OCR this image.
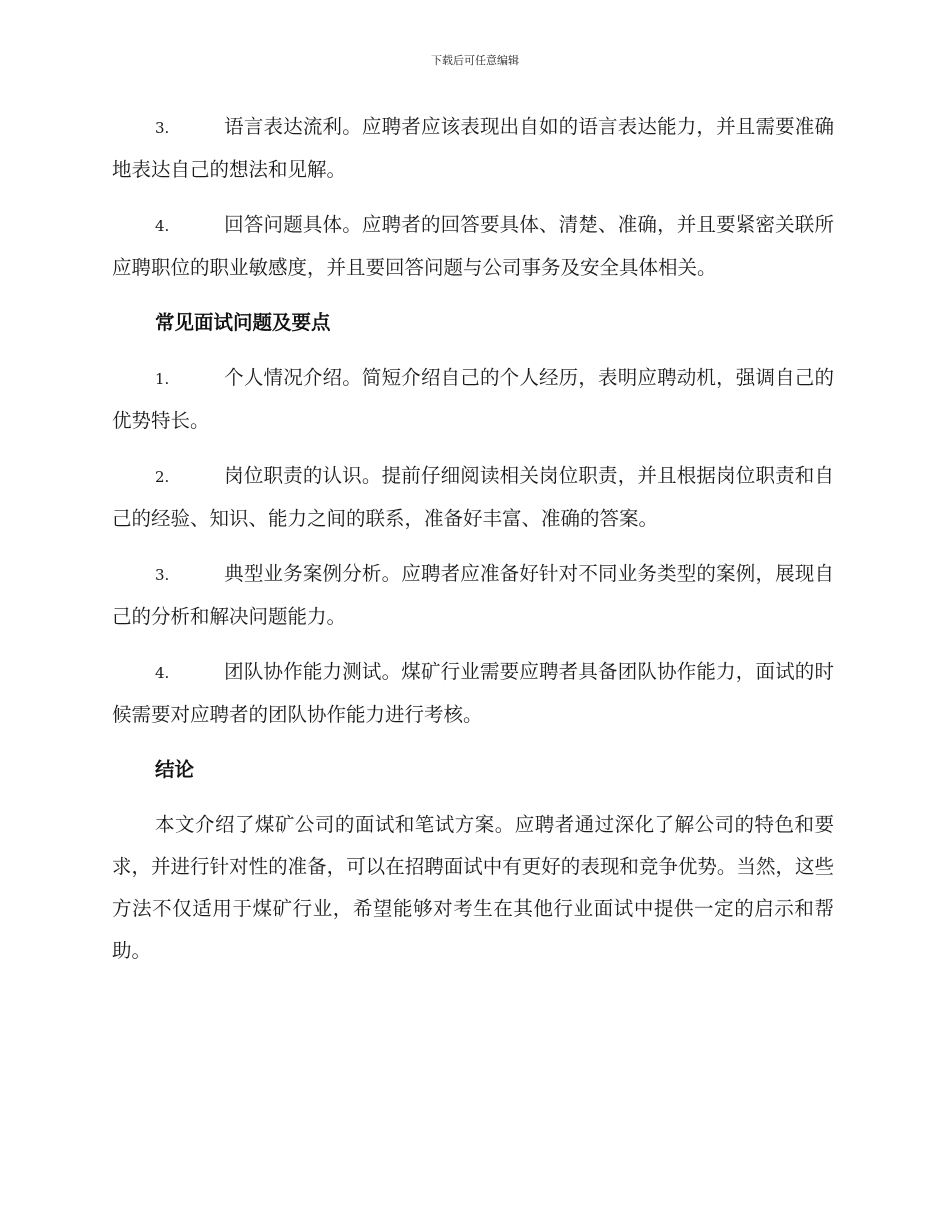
下载后可任意编辑

3.	语言表达流利。应聘者应该表现出自如的语言表达能力，并且需要准确地表达自己的想法和见解。

4.	回答问题具体。应聘者的回答要具体、清楚、准确，并且要紧密关联所应聘职位的职业敏感度，并且要回答问题与公司事务及安全具体相关。

常见面试问题及要点

1.	个人情况介绍。简短介绍自己的个人经历，表明应聘动机，强调自己的优势特长。

2.	岗位职责的认识。提前仔细阅读相关岗位职责，并且根据岗位职责和自己的经验、知识、能力之间的联系，准备好丰富、准确的答案。

3.	典型业务案例分析。应聘者应准备好针对不同业务类型的案例，展现自己的分析和解决问题能力。

4.	团队协作能力测试。煤矿行业需要应聘者具备团队协作能力，面试的时候需要对应聘者的团队协作能力进行考核。

结论

本文介绍了煤矿公司的面试和笔试方案。应聘者通过深化了解公司的特色和要求，并进行针对性的准备，可以在招聘面试中有更好的表现和竞争优势。当然，这些方法不仅适用于煤矿行业，希望能够对考生在其他行业面试中提供一定的启示和帮助。
